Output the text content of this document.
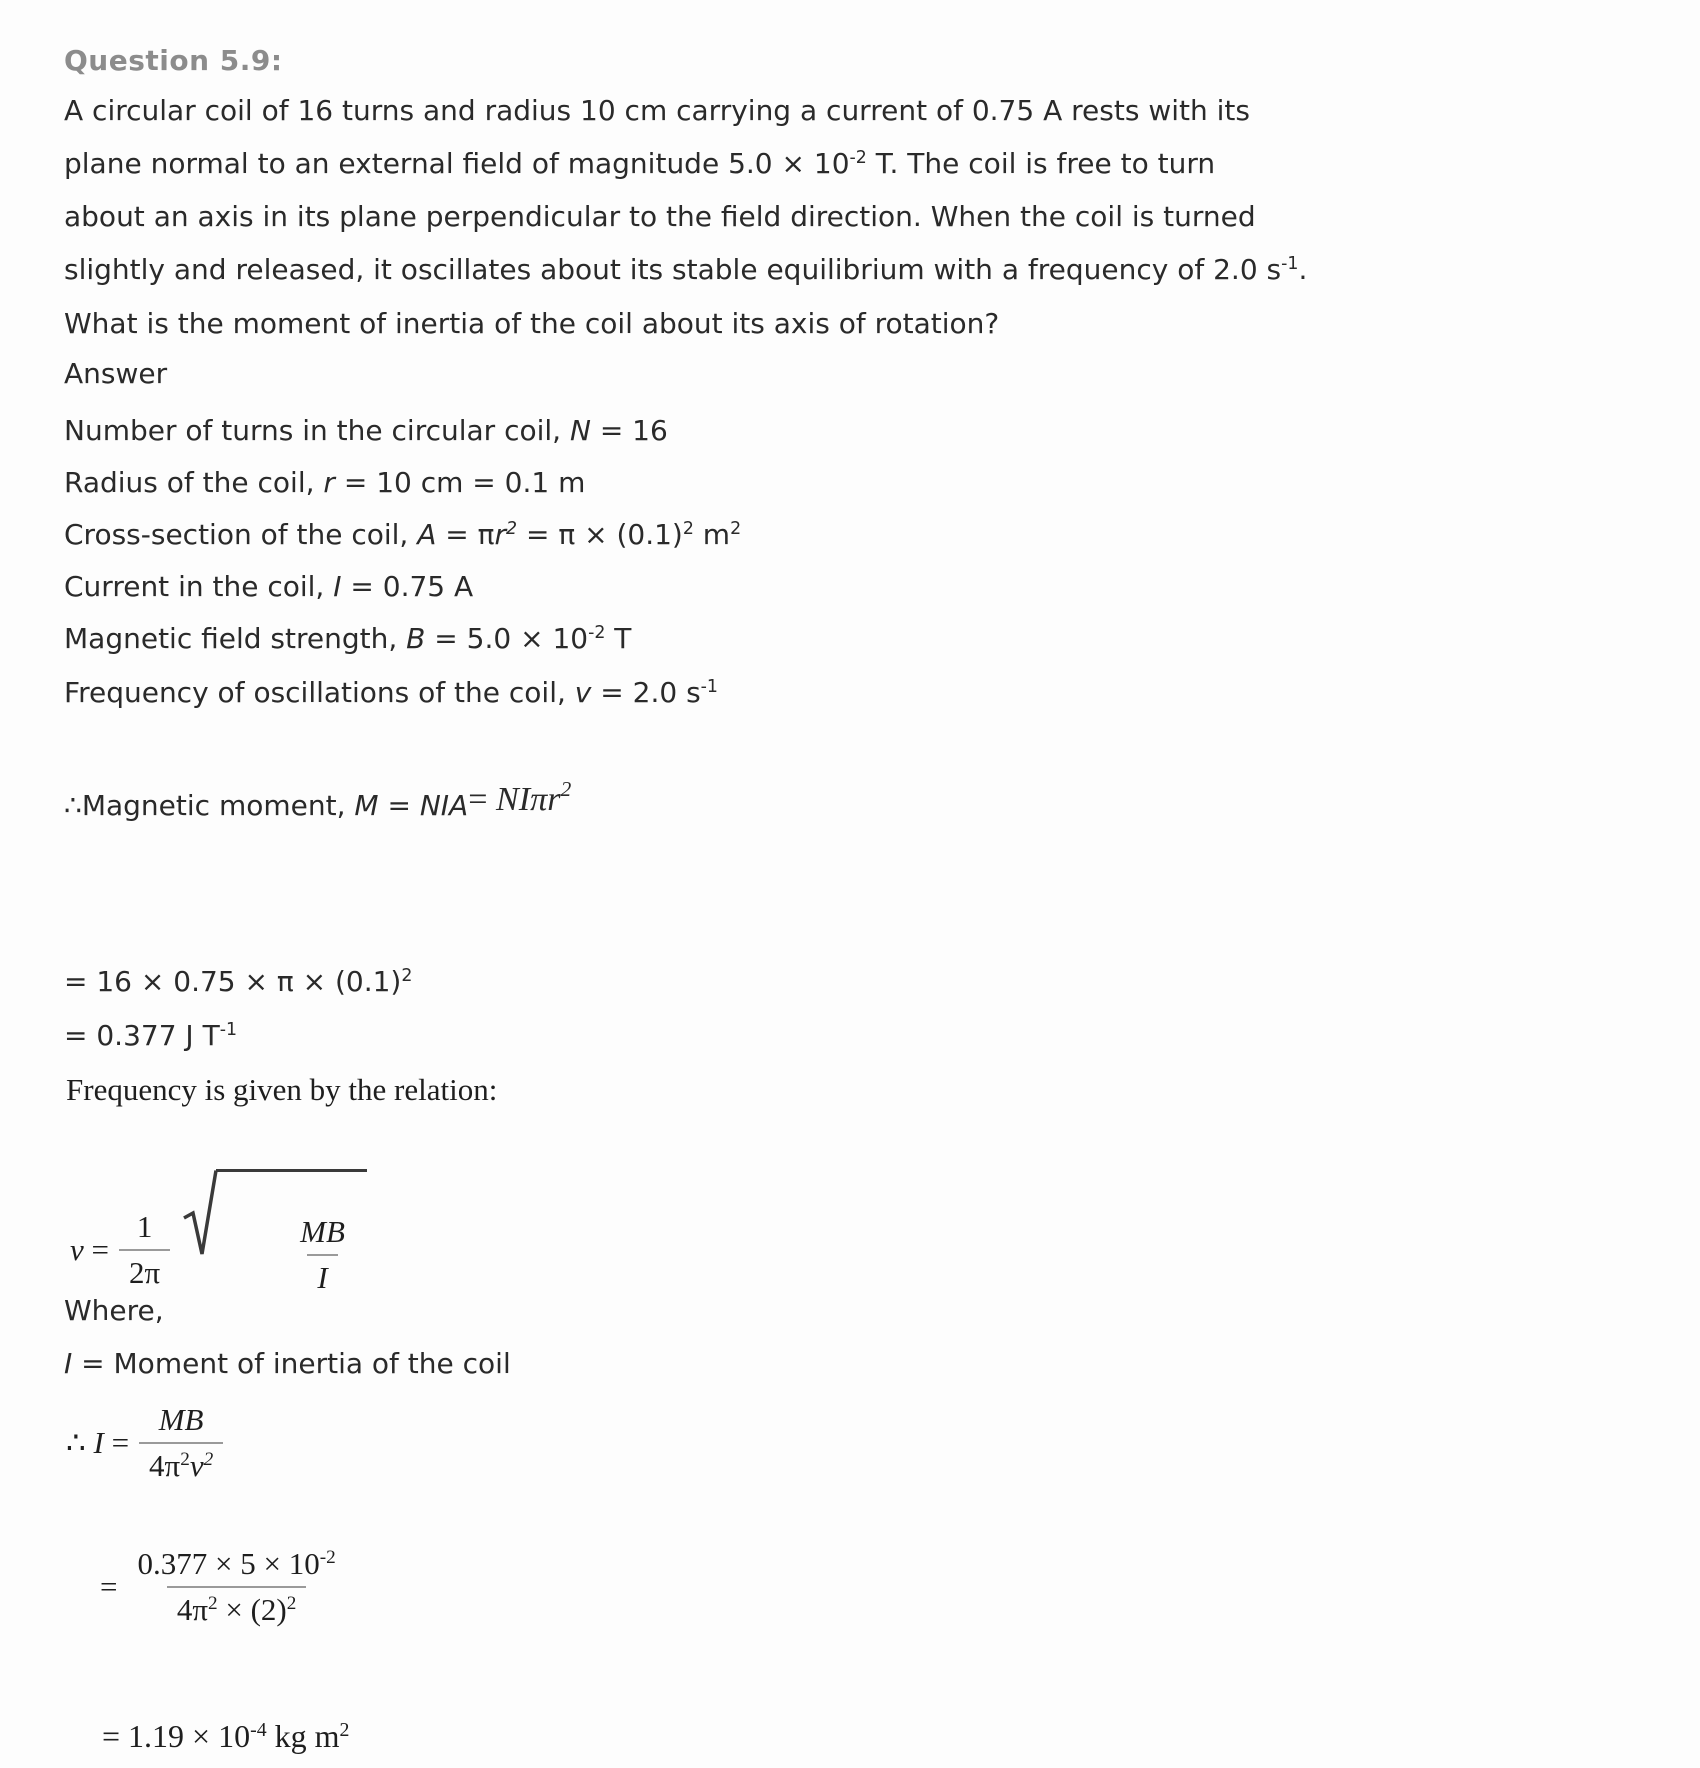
Question 5.9:
A circular coil of 16 turns and radius 10 cm carrying a current of 0.75 A rests with its
plane normal to an external field of magnitude $5.0 \times 10^{-2}$ T. The coil is free to turn
about an axis in its plane perpendicular to the field direction. When the coil is turned
slightly and released, it oscillates about its stable equilibrium with a frequency of 2.0 $s^{-1}$.
What is the moment of inertia of the coil about its axis of rotation?
Answer
Number of turns in the circular coil, N = 16
Radius of the coil, r = 10 cm = 0.1 m
Cross-section of the coil, $A = \pi r^2 = \pi \times (0.1)^2$ $m^2$
Current in the coil, I = 0.75 A
Magnetic field strength, $B = 5.0 \times 10^{-2}$ T
Frequency of oscillations of the coil, v = 2.0 $s^{-1}$
∴Magnetic moment, M = NIA= NIπr$^2$
= $16 \times 0.75 \times \pi \times (0.1)^2$
= 0.377 J $T^{-1}$
Frequency is given by the relation:
$\nu = \frac{1}{2\pi}$

	$\frac{MB}{I}$

Where,
I = Moment of inertia of the coil
∴ $I = \frac{MB}{4\pi^2\nu^2}$
= $\frac{0.377 \times 5 \times 10^{-2}}{4\pi^2 \times (2)^2}$
= $1.19 \times 10^{-4}$ kg $m^2$
